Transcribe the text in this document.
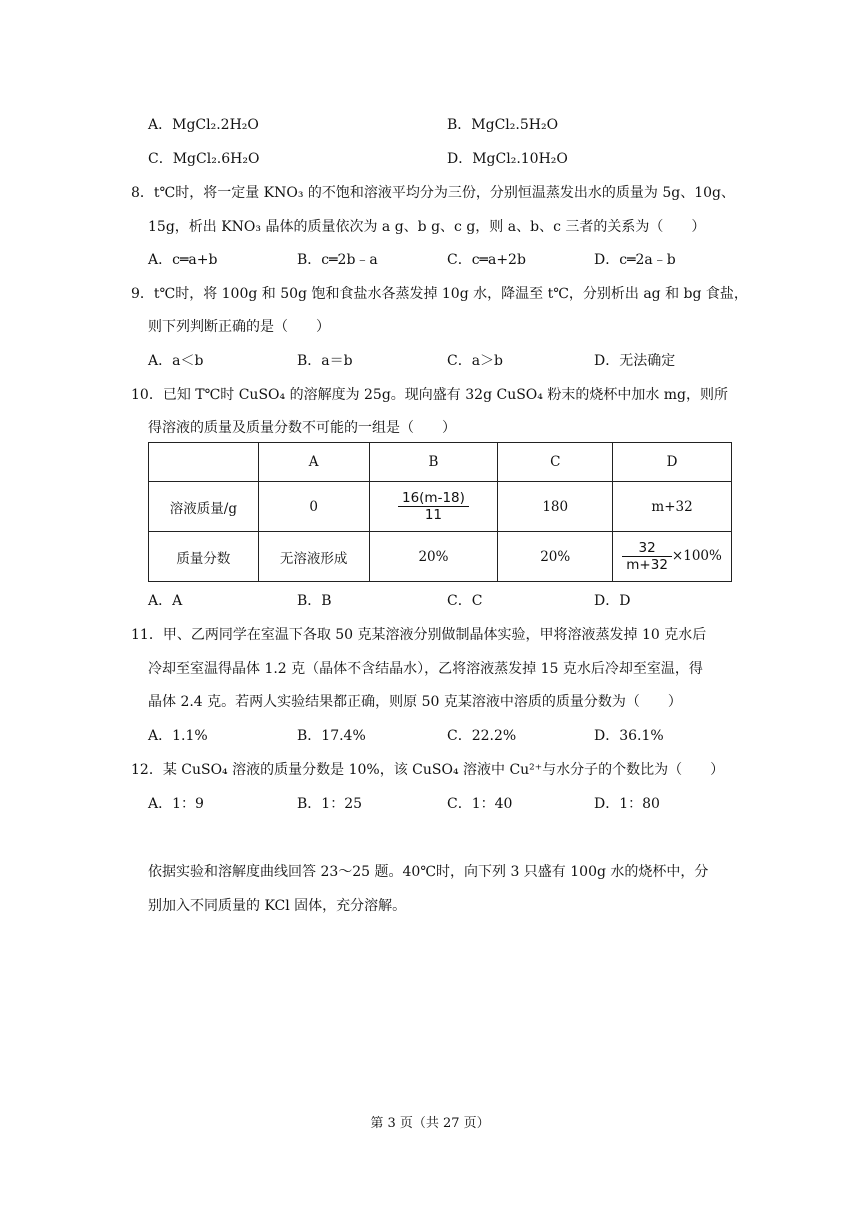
A．MgCl₂.2H₂O	B．MgCl₂.5H₂O
C．MgCl₂.6H₂O	D．MgCl₂.10H₂O
8．t℃时，将一定量 KNO₃ 的不饱和溶液平均分为三份，分别恒温蒸发出水的质量为 5g、10g、
15g，析出 KNO₃ 晶体的质量依次为 a g、b g、c g，则 a、b、c 三者的关系为（　　）
A．c═a+b	B．c═2b﹣a	C．c═a+2b	D．c═2a﹣b
9．t℃时，将 100g 和 50g 饱和食盐水各蒸发掉 10g 水，降温至 t℃，分别析出 ag 和 bg 食盐，
则下列判断正确的是（　　）
A．a＜b	B．a＝b	C．a＞b	D．无法确定
10．已知 T℃时 CuSO₄ 的溶解度为 25g。现向盛有 32g CuSO₄ 粉末的烧杯中加水 mg，则所
得溶液的质量及质量分数不可能的一组是（　　）
	A	B	C	D
溶液质量/g	0	$\frac{16(m-18)}{11}$	180	m+32
质量分数	无溶液形成	20%	20%	$\frac{32}{m+32} \times 100\%$
A．A	B．B	C．C	D．D
11．甲、乙两同学在室温下各取 50 克某溶液分别做制晶体实验，甲将溶液蒸发掉 10 克水后
冷却至室温得晶体 1.2 克（晶体不含结晶水），乙将溶液蒸发掉 15 克水后冷却至室温，得
晶体 2.4 克。若两人实验结果都正确，则原 50 克某溶液中溶质的质量分数为（　　）
A．1.1%	B．17.4%	C．22.2%	D．36.1%
12．某 CuSO₄ 溶液的质量分数是 10%，该 CuSO₄ 溶液中 Cu²⁺与水分子的个数比为（　　）
A．1：9	B．1：25	C．1：40	D．1：80
依据实验和溶解度曲线回答 23～25 题。40℃时，向下列 3 只盛有 100g 水的烧杯中，分
别加入不同质量的 KCl 固体，充分溶解。
第 3 页（共 27 页）
